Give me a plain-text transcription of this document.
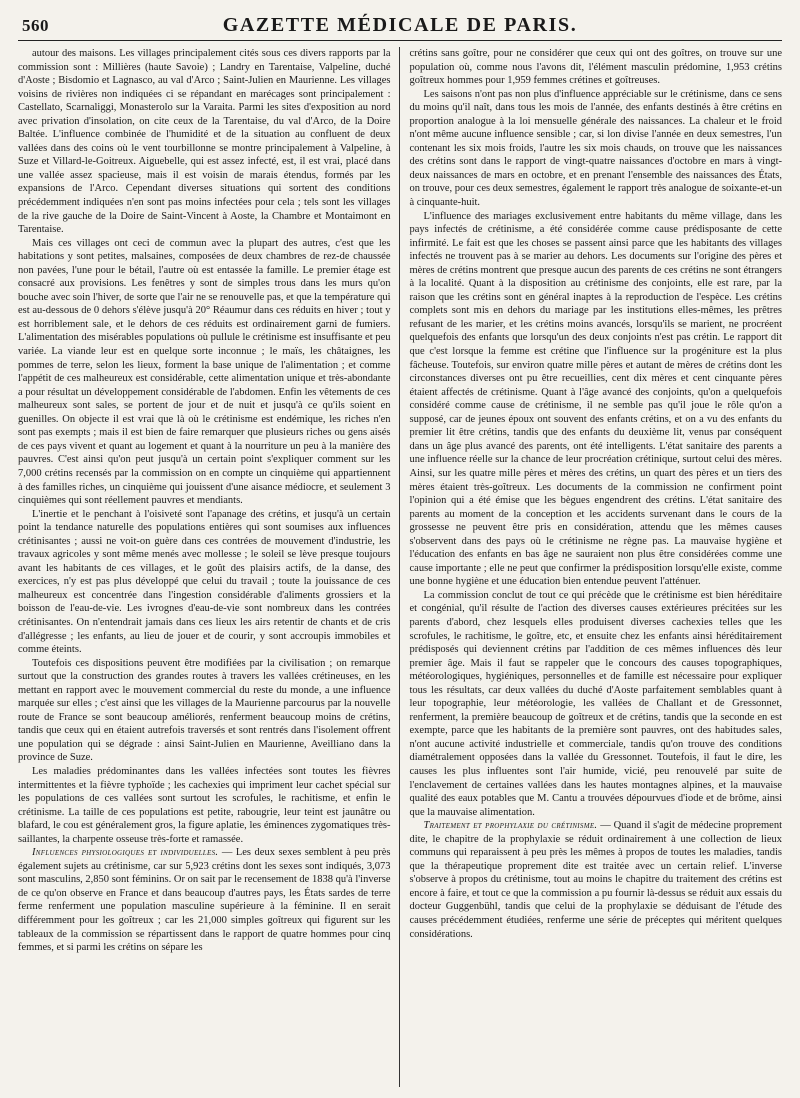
560	GAZETTE MÉDICALE DE PARIS.

autour des maisons. Les villages principalement cités sous ces divers rapports par la commission sont : Millières (haute Savoie) ; Landry en Tarentaise, Valpeline, duché d'Aoste ; Bisdomio et Lagnasco, au val d'Arco ; Saint-Julien en Maurienne. Les villages voisins de rivières non indiquées ci se répandant en marécages sont principalement : Castellato, Scarnaliggi, Monasterolo sur la Varaita. Parmi les sites d'exposition au nord avec privation d'insolation, on cite ceux de la Tarentaise, du val d'Arco, de la Doire Baltée. L'influence combinée de l'humidité et de la situation au confluent de deux vallées dans des coins où le vent tourbillonne se montre principalement à Valpeline, à Suze et Villard-le-Goitreux. Aiguebelle, qui est assez infecté, est, il est vrai, placé dans une vallée assez spacieuse, mais il est voisin de marais étendus, formés par les expansions de l'Arco. Cependant diverses situations qui sortent des conditions précédemment indiquées n'en sont pas moins infectées pour cela ; tels sont les villages de la rive gauche de la Doire de Saint-Vincent à Aoste, la Chambre et Montaimont en Tarentaise.

Mais ces villages ont ceci de commun avec la plupart des autres, c'est que les habitations y sont petites, malsaines, composées de deux chambres de rez-de chaussée non pavées, l'une pour le bétail, l'autre où est entassée la famille. Le premier étage est consacré aux provisions. Les fenêtres y sont de simples trous dans les murs qu'on bouche avec soin l'hiver, de sorte que l'air ne se renouvelle pas, et que la température qui est au-dessous de 0 dehors s'élève jusqu'à 20° Réaumur dans ces réduits en hiver ; tout y est horriblement sale, et le dehors de ces réduits est ordinairement garni de fumiers. L'alimentation des misérables populations où pullule le crétinisme est insuffisante et peu variée. La viande leur est en quelque sorte inconnue ; le maïs, les châtaignes, les pommes de terre, selon les lieux, forment la base unique de l'alimentation ; et comme l'appétit de ces malheureux est considérable, cette alimentation unique et très-abondante a pour résultat un développement considérable de l'abdomen. Enfin les vêtements de ces malheureux sont sales, se portent de jour et de nuit et jusqu'à ce qu'ils soient en guenilles. On objecte il est vrai que là où le crétinisme est endémique, les riches n'en sont pas exempts ; mais il est bien de faire remarquer que plusieurs riches ou gens aisés de ces pays vivent et quant au logement et quant à la nourriture un peu à la manière des pauvres. C'est ainsi qu'on peut jusqu'à un certain point s'expliquer comment sur les 7,000 crétins recensés par la commission on en compte un cinquième qui appartiennent à des familles riches, un cinquième qui jouissent d'une aisance médiocre, et seulement 3 cinquièmes qui sont réellement pauvres et mendiants.

L'inertie et le penchant à l'oisiveté sont l'apanage des crétins, et jusqu'à un certain point la tendance naturelle des populations entières qui sont soumises aux influences crétinisantes ; aussi ne voit-on guère dans ces contrées de mouvement d'industrie, les travaux agricoles y sont même menés avec mollesse ; le soleil se lève presque toujours avant les habitants de ces villages, et le goût des plaisirs actifs, de la danse, des exercices, n'y est pas plus développé que celui du travail ; toute la jouissance de ces malheureux est concentrée dans l'ingestion considérable d'aliments grossiers et la boisson de l'eau-de-vie. Les ivrognes d'eau-de-vie sont nombreux dans les contrées crétinisantes. On n'entendrait jamais dans ces lieux les airs retentir de chants et de cris d'allégresse ; les enfants, au lieu de jouer et de courir, y sont accroupis immobiles et comme éteints.

Toutefois ces dispositions peuvent être modifiées par la civilisation ; on remarque surtout que la construction des grandes routes à travers les vallées crétineuses, en les mettant en rapport avec le mouvement commercial du reste du monde, a une influence marquée sur elles ; c'est ainsi que les villages de la Maurienne parcourus par la nouvelle route de France se sont beaucoup améliorés, renferment beaucoup moins de crétins, tandis que ceux qui en étaient autrefois traversés et sont rentrés dans l'isolement offrent une population qui se dégrade : ainsi Saint-Julien en Maurienne, Aveilliano dans la province de Suze.

Les maladies prédominantes dans les vallées infectées sont toutes les fièvres intermittentes et la fièvre typhoïde ; les cachexies qui impriment leur cachet spécial sur les populations de ces vallées sont surtout les scrofules, le rachitisme, et enfin le crétinisme. La taille de ces populations est petite, rabougrie, leur teint est jaunâtre ou blafard, le cou est généralement gros, la figure aplatie, les éminences zygomatiques très-saillantes, la charpente osseuse très-forte et ramassée.

Influences physiologiques et individuelles. — Les deux sexes semblent à peu près également sujets au crétinisme, car sur 5,923 crétins dont les sexes sont indiqués, 3,073 sont masculins, 2,850 sont féminins. Or on sait par le recensement de 1838 qu'à l'inverse de ce qu'on observe en France et dans beaucoup d'autres pays, les États sardes de terre ferme renferment une population masculine supérieure à la féminine. Il en serait différemment pour les goîtreux ; car les 21,000 simples goîtreux qui figurent sur les tableaux de la commission se répartissent dans le rapport de quatre hommes pour cinq femmes, et si parmi les crétins on sépare les

crétins sans goître, pour ne considérer que ceux qui ont des goîtres, on trouve sur une population où, comme nous l'avons dit, l'élément masculin prédomine, 1,953 crétins goîtreux hommes pour 1,959 femmes crétines et goîtreuses.

Les saisons n'ont pas non plus d'influence appréciable sur le crétinisme, dans ce sens du moins qu'il naît, dans tous les mois de l'année, des enfants destinés à être crétins en proportion analogue à la loi mensuelle générale des naissances. La chaleur et le froid n'ont même aucune influence sensible ; car, si lon divise l'année en deux semestres, l'un contenant les six mois froids, l'autre les six mois chauds, on trouve que les naissances des crétins sont dans le rapport de vingt-quatre naissances d'octobre en mars à vingt-deux naissances de mars en octobre, et en prenant l'ensemble des naissances des États, on trouve, pour ces deux semestres, également le rapport très analogue de soixante-et-un à cinquante-huit.

L'influence des mariages exclusivement entre habitants du même village, dans les pays infectés de crétinisme, a été considérée comme cause prédisposante de cette infirmité. Le fait est que les choses se passent ainsi parce que les habitants des villages infectés ne trouvent pas à se marier au dehors. Les documents sur l'origine des pères et mères de crétins montrent que presque aucun des parents de ces crétins ne sont étrangers à la localité. Quant à la disposition au crétinisme des conjoints, elle est rare, par la raison que les crétins sont en général inaptes à la reproduction de l'espèce. Les crétins complets sont mis en dehors du mariage par les institutions elles-mêmes, les prêtres refusant de les marier, et les crétins moins avancés, lorsqu'ils se marient, ne procréent quelquefois des enfants que lorsqu'un des deux conjoints n'est pas crétin. Le rapport dit que c'est lorsque la femme est crétine que l'influence sur la progéniture est la plus fâcheuse. Toutefois, sur environ quatre mille pères et autant de mères de crétins dont les circonstances diverses ont pu être recueillies, cent dix mères et cent cinquante pères étaient affectés de crétinisme. Quant à l'âge avancé des conjoints, qu'on a quelquefois considéré comme cause de crétinisme, il ne semble pas qu'il joue le rôle qu'on a supposé, car de jeunes époux ont souvent des enfants crétins, et on a vu des enfants du premier lit être crétins, tandis que des enfants du deuxième lit, venus par conséquent dans un âge plus avancé des parents, ont été intelligents. L'état sanitaire des parents a une influence réelle sur la chance de leur procréation crétinique, surtout celui des mères. Ainsi, sur les quatre mille pères et mères des crétins, un quart des pères et un tiers des mères étaient très-goîtreux. Les documents de la commission ne confirment point l'opinion qui a été émise que les bègues engendrent des crétins. L'état sanitaire des parents au moment de la conception et les accidents survenant dans le cours de la grossesse ne peuvent être pris en considération, attendu que les mêmes causes s'observent dans des pays où le crétinisme ne règne pas. La mauvaise hygiène et l'éducation des enfants en bas âge ne sauraient non plus être considérées comme une cause importante ; elle ne peut que confirmer la prédisposition lorsqu'elle existe, comme une bonne hygiène et une éducation bien entendue peuvent l'atténuer.

La commission conclut de tout ce qui précède que le crétinisme est bien héréditaire et congénial, qu'il résulte de l'action des diverses causes extérieures précitées sur les parents d'abord, chez lesquels elles produisent diverses cachexies telles que les scrofules, le rachitisme, le goître, etc, et ensuite chez les enfants ainsi héréditairement prédisposés qui deviennent crétins par l'addition de ces mêmes influences dès leur premier âge. Mais il faut se rappeler que le concours des causes topographiques, météorologiques, hygiéniques, personnelles et de famille est nécessaire pour expliquer tous les résultats, car deux vallées du duché d'Aoste parfaitement semblables quant à leur topographie, leur météorologie, les vallées de Challant et de Gressonnet, renferment, la première beaucoup de goîtreux et de crétins, tandis que la seconde en est exempte, parce que les habitants de la première sont pauvres, ont des habitudes sales, n'ont aucune activité industrielle et commerciale, tandis qu'on trouve des conditions diamétralement opposées dans la vallée du Gressonnet. Toutefois, il faut le dire, les causes les plus influentes sont l'air humide, vicié, peu renouvelé par suite de l'enclavement de certaines vallées dans les hautes montagnes alpines, et la mauvaise qualité des eaux potables que M. Cantu a trouvées dépourvues d'iode et de brôme, ainsi que la mauvaise alimentation.

Traitement et prophylaxie du crétinisme. — Quand il s'agit de médecine proprement dite, le chapitre de la prophylaxie se réduit ordinairement à une collection de lieux communs qui reparaissent à peu près les mêmes à propos de toutes les maladies, tandis que la thérapeutique proprement dite est traitée avec un certain relief. L'inverse s'observe à propos du crétinisme, tout au moins le chapitre du traitement des crétins est encore à faire, et tout ce que la commission a pu fournir là-dessus se réduit aux essais du docteur Guggenbühl, tandis que celui de la prophylaxie se déduisant de l'étude des causes précédemment étudiées, renferme une série de préceptes qui méritent quelques considérations.
